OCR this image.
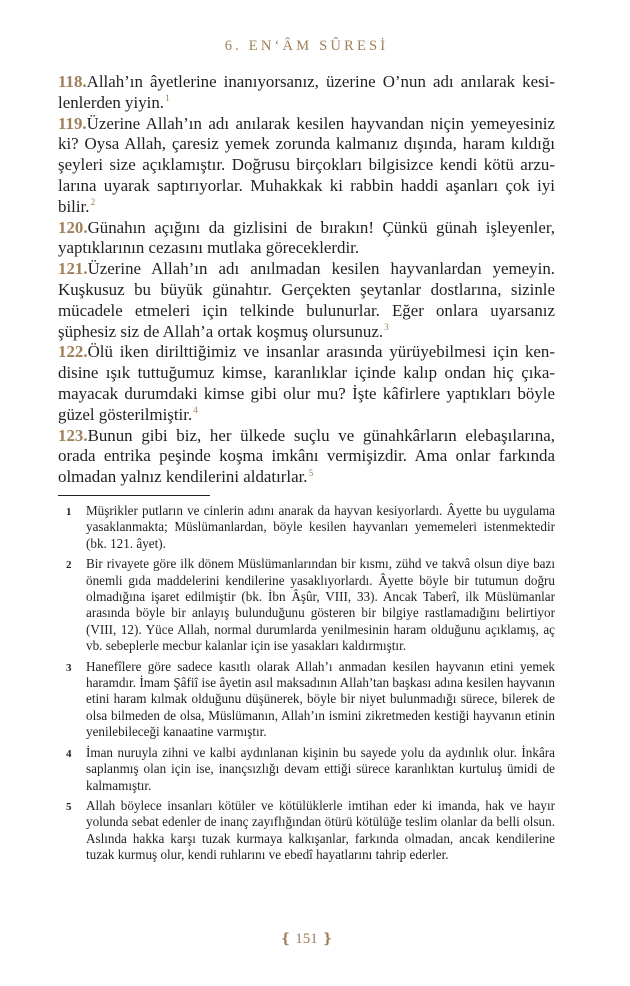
6. EN‘ÂM SÛRESİ

118.Allah’ın âyetlerine inanıyorsanız, üzerine O’nun adı anılarak kesilenlerden yiyin.$^1$

119.Üzerine Allah’ın adı anılarak kesilen hayvandan niçin yemeyesiniz ki? Oysa Allah, çaresiz yemek zorunda kalmanız dışında, haram kıldığı şeyleri size açıklamıştır. Doğrusu birçokları bilgisizce kendi kötü arzularına uyarak saptırıyorlar. Muhakkak ki rabbin haddi aşanları çok iyi bilir.$^2$

120.Günahın açığını da gizlisini de bırakın! Çünkü günah işleyenler, yaptıklarının cezasını mutlaka göreceklerdir.

121.Üzerine Allah’ın adı anılmadan kesilen hayvanlardan yemeyin. Kuşkusuz bu büyük günahtır. Gerçekten şeytanlar dostlarına, sizinle mücadele etmeleri için telkinde bulunurlar. Eğer onlara uyarsanız şüphesiz siz de Allah’a ortak koşmuş olursunuz.$^3$

122.Ölü iken dirilttiğimiz ve insanlar arasında yürüyebilmesi için kendisine ışık tuttuğumuz kimse, karanlıklar içinde kalıp ondan hiç çıkamayacak durumdaki kimse gibi olur mu? İşte kâfirlere yaptıkları böyle güzel gösterilmiştir.$^4$

123.Bunun gibi biz, her ülkede suçlu ve günahkârların elebaşılarına, orada entrika peşinde koşma imkânı vermişizdir. Ama onlar farkında olmadan yalnız kendilerini aldatırlar.$^5$

1 Müşrikler putların ve cinlerin adını anarak da hayvan kesiyorlardı. Âyette bu uygulama yasaklanmakta; Müslümanlardan, böyle kesilen hayvanları yememeleri istenmektedir (bk. 121. âyet).
2 Bir rivayete göre ilk dönem Müslümanlarından bir kısmı, zühd ve takvâ olsun diye bazı önemli gıda maddelerini kendilerine yasaklıyorlardı. Âyette böyle bir tutumun doğru olmadığına işaret edilmiştir (bk. İbn Âşûr, VIII, 33). Ancak Taberî, ilk Müslümanlar arasında böyle bir anlayış bulunduğunu gösteren bir bilgiye rastlamadığını belirtiyor (VIII, 12). Yüce Allah, normal durumlarda yenilmesinin haram olduğunu açıklamış, aç vb. sebeplerle mecbur kalanlar için ise yasakları kaldırmıştır.
3 Hanefîlere göre sadece kasıtlı olarak Allah’ı anmadan kesilen hayvanın etini yemek haramdır. İmam Şâfiî ise âyetin asıl maksadının Allah’tan başkası adına kesilen hayvanın etini haram kılmak olduğunu düşünerek, böyle bir niyet bulunmadığı sürece, bilerek de olsa bilmeden de olsa, Müslümanın, Allah’ın ismini zikretmeden kestiği hayvanın etinin yenilebileceği kanaatine varmıştır.
4 İman nuruyla zihni ve kalbi aydınlanan kişinin bu sayede yolu da aydınlık olur. İnkâra saplanmış olan için ise, inançsızlığı devam ettiği sürece karanlıktan kurtuluş ümidi de kalmamıştır.
5 Allah böylece insanları kötüler ve kötülüklerle imtihan eder ki imanda, hak ve hayır yolunda sebat edenler de inanç zayıflığından ötürü kötülüğe teslim olanlar da belli olsun. Aslında hakka karşı tuzak kurmaya kalkışanlar, farkında olmadan, ancak kendilerine tuzak kurmuş olur, kendi ruhlarını ve ebedî hayatlarını tahrip ederler.
❴ 151 ❵
